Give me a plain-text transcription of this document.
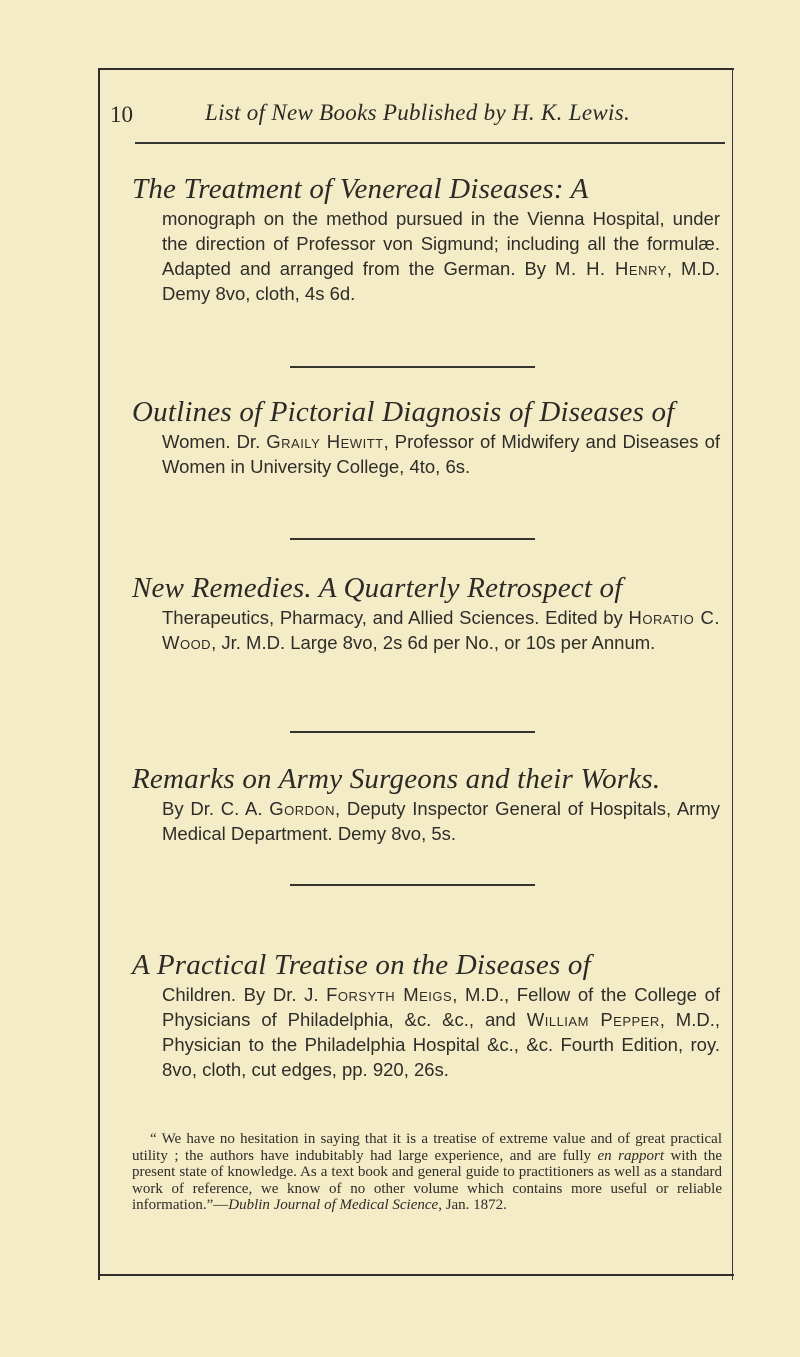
10	List of New Books Published by H. K. Lewis.

The Treatment of Venereal Diseases: A

monograph on the method pursued in the Vienna Hospital, under the direction of Professor von Sigmund; including all the formulæ. Adapted and arranged from the German. By M. H. Henry, M.D. Demy 8vo, cloth, 4s 6d.

Outlines of Pictorial Diagnosis of Diseases of

Women. Dr. Graily Hewitt, Professor of Midwifery and Diseases of Women in University College, 4to, 6s.

New Remedies. A Quarterly Retrospect of

Therapeutics, Pharmacy, and Allied Sciences. Edited by Horatio C. Wood, Jr. M.D. Large 8vo, 2s 6d per No., or 10s per Annum.

Remarks on Army Surgeons and their Works.

By Dr. C. A. Gordon, Deputy Inspector General of Hospitals, Army Medical Department. Demy 8vo, 5s.

A Practical Treatise on the Diseases of

Children. By Dr. J. Forsyth Meigs, M.D., Fellow of the College of Physicians of Philadelphia, &c. &c., and William Pepper, M.D., Physician to the Philadelphia Hospital &c., &c. Fourth Edition, roy. 8vo, cloth, cut edges, pp. 920, 26s.

“ We have no hesitation in saying that it is a treatise of extreme value and of great practical utility ; the authors have indubitably had large experience, and are fully en rapport with the present state of knowledge. As a text book and general guide to practitioners as well as a standard work of reference, we know of no other volume which contains more useful or reliable information.”—Dublin Journal of Medical Science, Jan. 1872.
